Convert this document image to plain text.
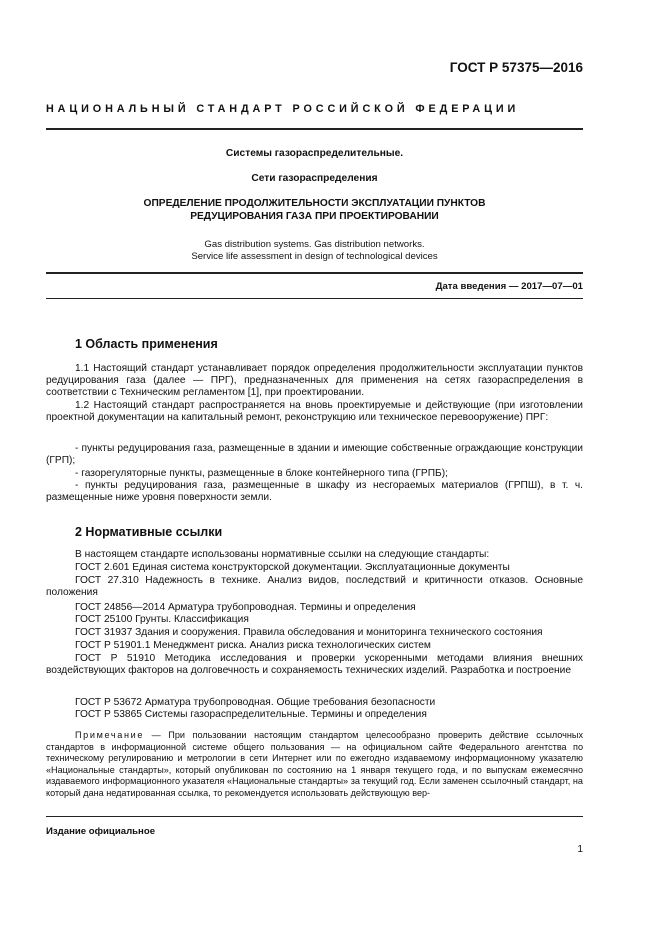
ГОСТ Р 57375—2016
НАЦИОНАЛЬНЫЙ СТАНДАРТ РОССИЙСКОЙ ФЕДЕРАЦИИ
Системы газораспределительные.
Сети газораспределения
ОПРЕДЕЛЕНИЕ ПРОДОЛЖИТЕЛЬНОСТИ ЭКСПЛУАТАЦИИ ПУНКТОВ
РЕДУЦИРОВАНИЯ ГАЗА ПРИ ПРОЕКТИРОВАНИИ
Gas distribution systems. Gas distribution networks.
Service life assessment in design of technological devices
Дата введения — 2017—07—01
1 Область применения
1.1 Настоящий стандарт устанавливает порядок определения продолжительности эксплуатации пунктов редуцирования газа (далее — ПРГ), предназначенных для применения на сетях газораспределения в соответствии с Техническим регламентом [1], при проектировании.
1.2 Настоящий стандарт распространяется на вновь проектируемые и действующие (при изготовлении проектной документации на капитальный ремонт, реконструкцию или техническое перевооружение) ПРГ:
- пункты редуцирования газа, размещенные в здании и имеющие собственные ограждающие конструкции (ГРП);
- газорегуляторные пункты, размещенные в блоке контейнерного типа (ГРПБ);
- пункты редуцирования газа, размещенные в шкафу из несгораемых материалов (ГРПШ), в т. ч. размещенные ниже уровня поверхности земли.
2 Нормативные ссылки
В настоящем стандарте использованы нормативные ссылки на следующие стандарты:
ГОСТ 2.601 Единая система конструкторской документации. Эксплуатационные документы
ГОСТ 27.310 Надежность в технике. Анализ видов, последствий и критичности отказов. Основные положения
ГОСТ 24856—2014 Арматура трубопроводная. Термины и определения
ГОСТ 25100 Грунты. Классификация
ГОСТ 31937 Здания и сооружения. Правила обследования и мониторинга технического состояния
ГОСТ Р 51901.1 Менеджмент риска. Анализ риска технологических систем
ГОСТ Р 51910 Методика исследования и проверки ускоренными методами влияния внешних воздействующих факторов на долговечность и сохраняемость технических изделий. Разработка и построение
ГОСТ Р 53672 Арматура трубопроводная. Общие требования безопасности
ГОСТ Р 53865 Системы газораспределительные. Термины и определения
Примечание — При пользовании настоящим стандартом целесообразно проверить действие ссылочных стандартов в информационной системе общего пользования — на официальном сайте Федерального агентства по техническому регулированию и метрологии в сети Интернет или по ежегодно издаваемому информационному указателю «Национальные стандарты», который опубликован по состоянию на 1 января текущего года, и по выпускам ежемесячно издаваемого информационного указателя «Национальные стандарты» за текущий год. Если заменен ссылочный стандарт, на который дана недатированная ссылка, то рекомендуется использовать действующую вер-
Издание официальное
1
